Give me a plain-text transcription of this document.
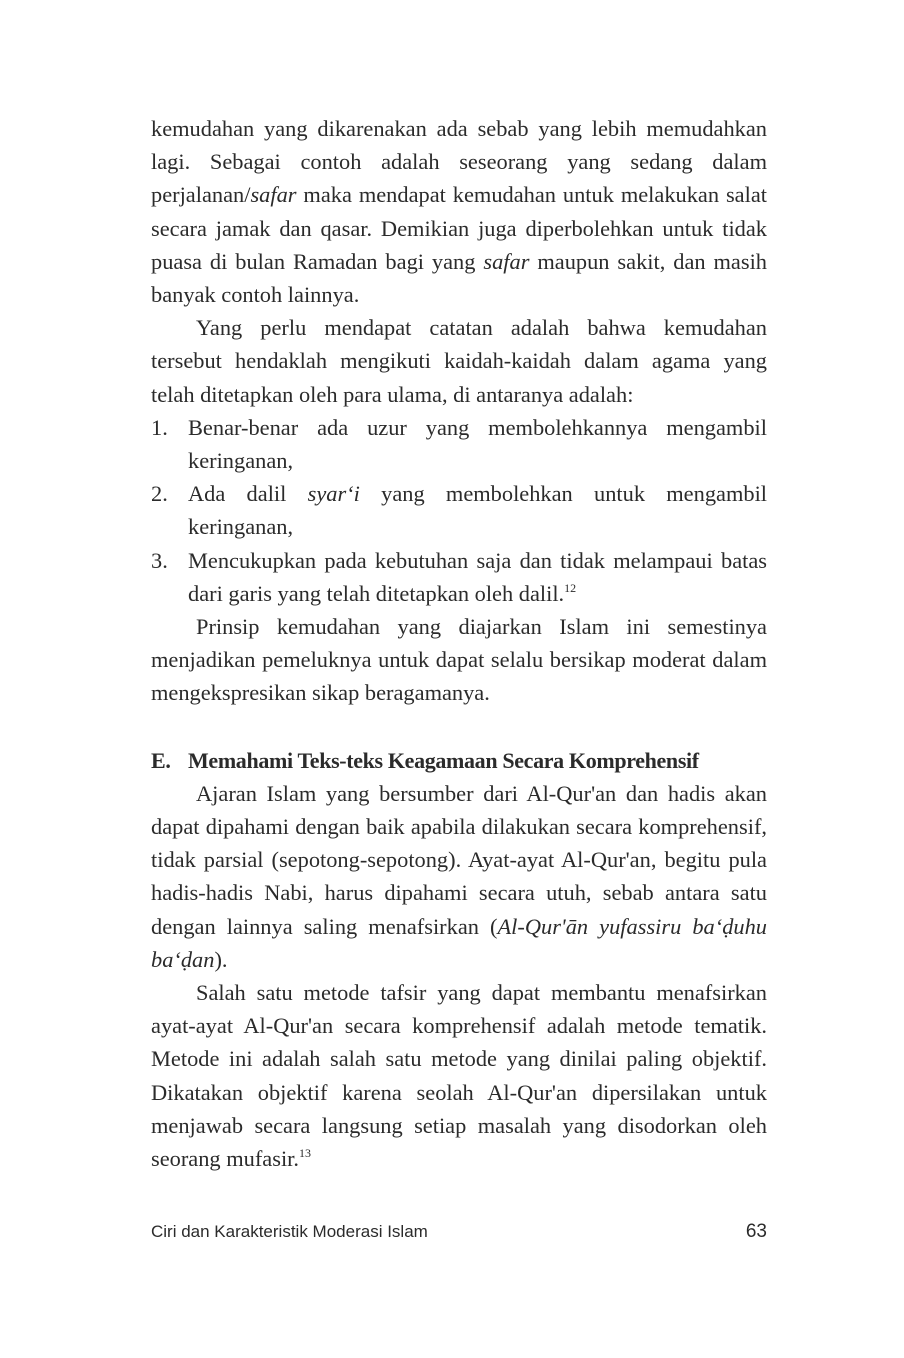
kemudahan yang dikarenakan ada sebab yang lebih memudahkan lagi. Sebagai contoh adalah seseorang yang sedang dalam perjalanan/safar maka mendapat kemudahan untuk melakukan salat secara jamak dan qasar. Demikian juga diperbolehkan untuk tidak puasa di bulan Ramadan bagi yang safar maupun sakit, dan masih banyak contoh lainnya.

Yang perlu mendapat catatan adalah bahwa kemudahan tersebut hendaklah mengikuti kaidah-kaidah dalam agama yang telah ditetapkan oleh para ulama, di antaranya adalah:

1. Benar-benar ada uzur yang membolehkannya mengambil keringanan,
2. Ada dalil syar‘i yang membolehkan untuk mengambil keringanan,
3. Mencukupkan pada kebutuhan saja dan tidak melampaui batas dari garis yang telah ditetapkan oleh dalil.$^{12}$

Prinsip kemudahan yang diajarkan Islam ini semestinya menjadikan pemeluknya untuk dapat selalu bersikap moderat dalam mengekspresikan sikap beragamanya.

E. Memahami Teks-teks Keagamaan Secara Komprehensif

Ajaran Islam yang bersumber dari Al-Qur'an dan hadis akan dapat dipahami dengan baik apabila dilakukan secara komprehensif, tidak parsial (sepotong-sepotong). Ayat-ayat Al-Qur'an, begitu pula hadis-hadis Nabi, harus dipahami secara utuh, sebab antara satu dengan lainnya saling menafsirkan (Al-Qur'ān yufassiru ba‘ḍuhu ba‘ḍan).

Salah satu metode tafsir yang dapat membantu menafsirkan ayat-ayat Al-Qur'an secara komprehensif adalah metode tematik. Metode ini adalah salah satu metode yang dinilai paling objektif. Dikatakan objektif karena seolah Al-Qur'an dipersilakan untuk menjawab secara langsung setiap masalah yang disodorkan oleh seorang mufasir.$^{13}$

Ciri dan Karakteristik Moderasi Islam	63
